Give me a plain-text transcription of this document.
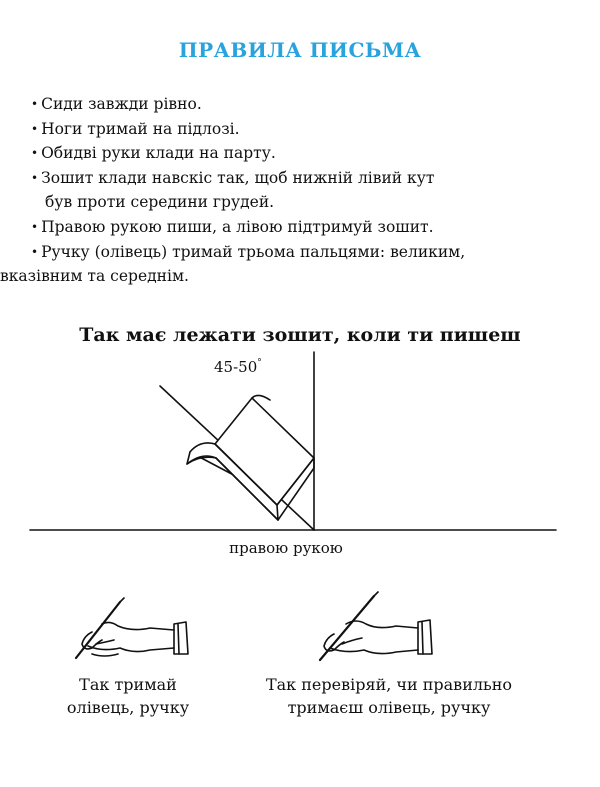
ПРАВИЛА ПИСЬМА
• Сиди завжди рівно.
• Ноги тримай на підлозі.
• Обидві руки клади на парту.
• Зошит клади навскіс так, щоб нижній лівий кут
був проти середини грудей.
• Правою рукою пиши, а лівою підтримуй зошит.
• Ручку (олівець) тримай трьома пальцями: великим,
вказівним та середнім.
Так має лежати зошит, коли ти пишеш
45-50°
правою рукою
Так тримай
олівець, ручку
Так перевіряй, чи правильно
тримаєш олівець, ручку
